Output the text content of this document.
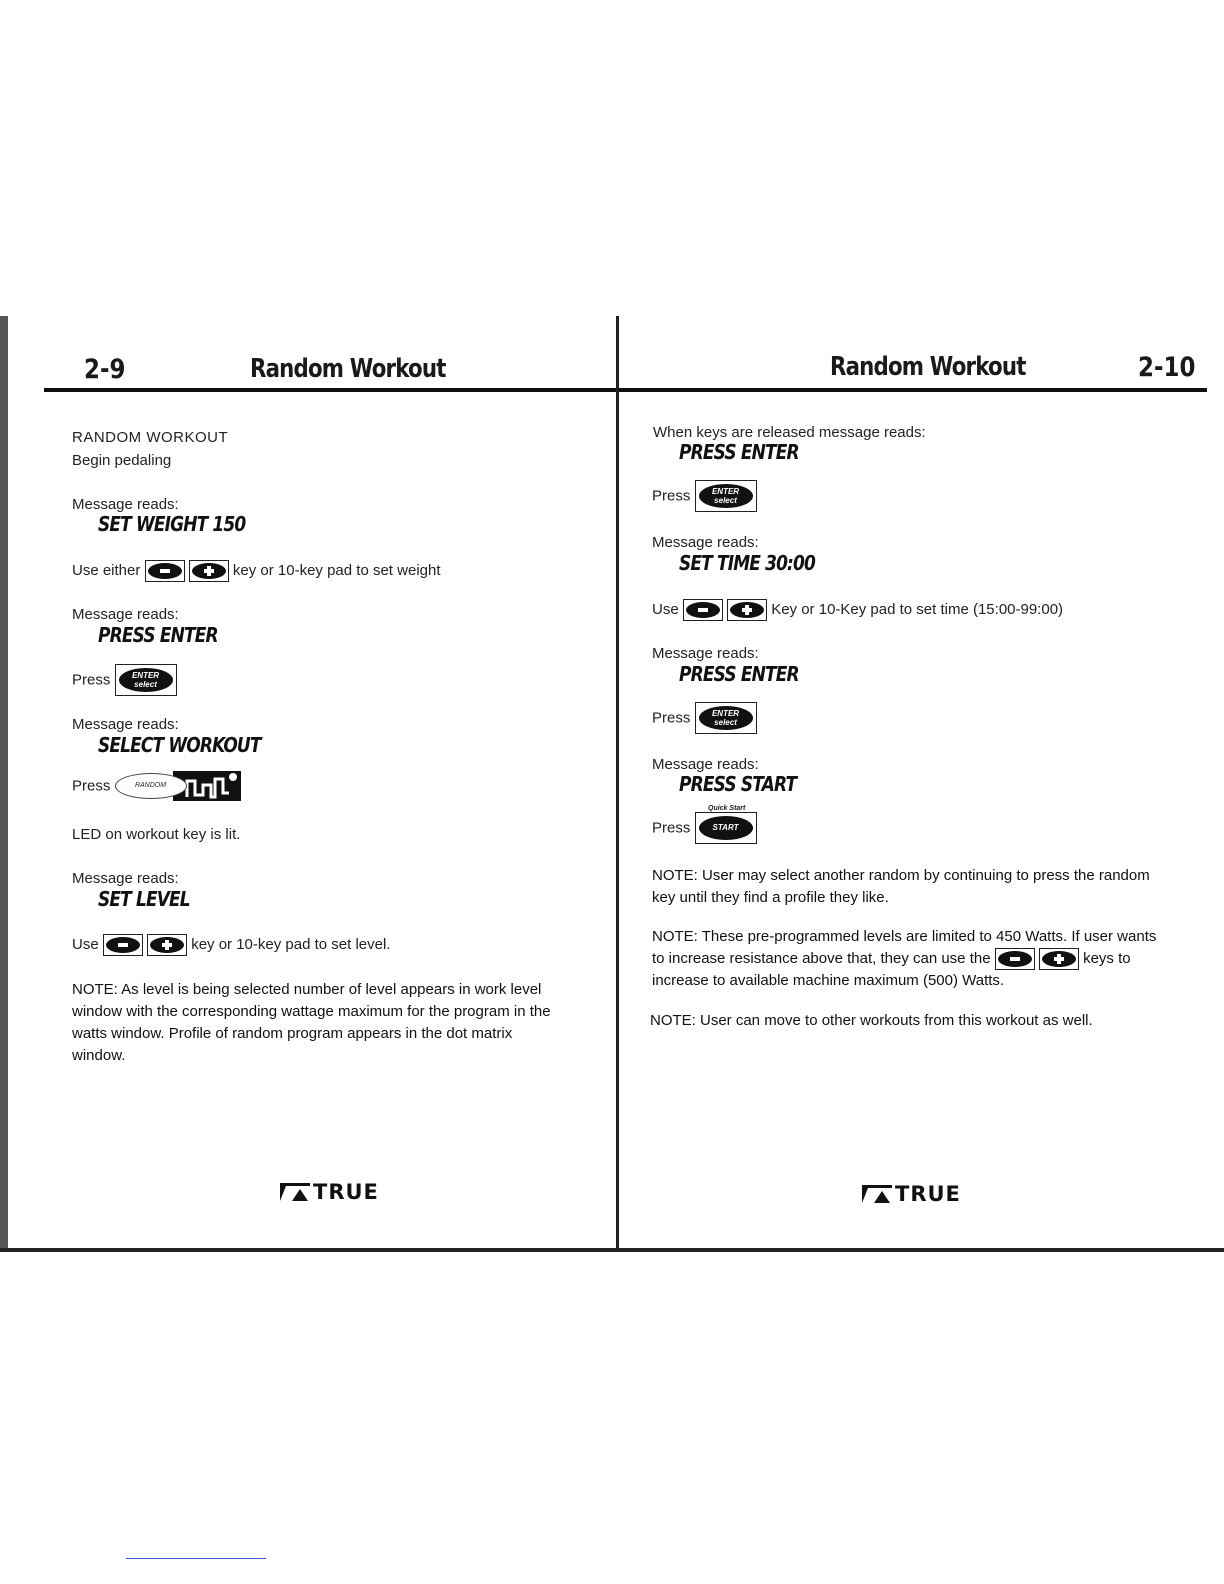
2-9	Random Workout
RANDOM WORKOUT
Begin pedaling
Message reads:
SET WEIGHT 150
Use either
	key or 10-key pad to set weight
Message reads:
PRESS ENTER
Press	ENTER
select
Message reads:
SELECT WORKOUT
Press	RANDOM
LED on workout key is lit.
Message reads:
SET LEVEL
Use
	key or 10-key pad to set level.
NOTE: As level is being selected number of level appears in work level window with the corresponding wattage maximum for the program in the watts window. Profile of random program appears in the dot matrix window.
TRUE
Random Workout	2-10
When keys are released message reads:
PRESS ENTER
Press	ENTER
select
Message reads:
SET TIME 30:00
Use
	Key or 10-Key pad to set time (15:00-99:00)
Message reads:
PRESS ENTER
Press	ENTER
select
Message reads:
PRESS START
Quick Start
Press	START
NOTE: User may select another random by continuing to press the random key until they find a profile they like.
NOTE: These pre-programmed levels are limited to 450 Watts. If user wants to increase resistance above that, they can use the
	keys to increase to available machine maximum (500) Watts.
NOTE: User can move to other workouts from this workout as well.
TRUE
